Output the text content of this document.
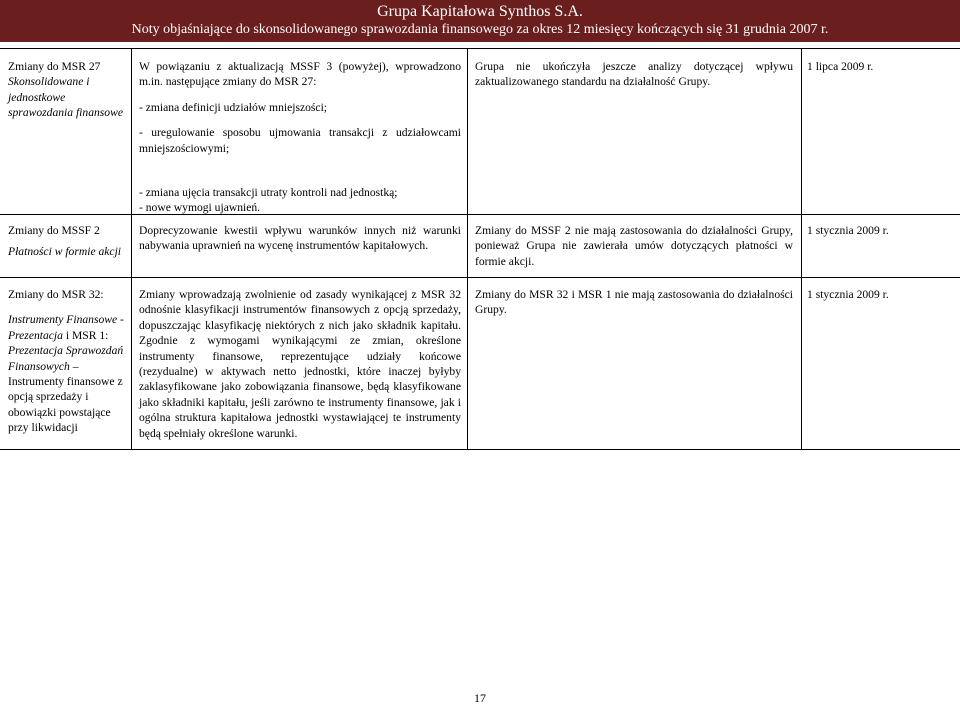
Grupa Kapitałowa Synthos S.A.
Noty objaśniające do skonsolidowanego sprawozdania finansowego za okres 12 miesięcy kończących się 31 grudnia 2007 r.

Zmiany do MSR 27

Skonsolidowane i jednostkowe sprawozdania finansowe

W powiązaniu z aktualizacją MSSF 3 (powyżej), wprowadzono m.in. następujące zmiany do MSR 27:

- zmiana definicji udziałów mniejszości;

- uregulowanie sposobu ujmowania transakcji z udziałowcami mniejszościowymi;

- zmiana ujęcia transakcji utraty kontroli nad jednostką;

- nowe wymogi ujawnień.

Grupa nie ukończyła jeszcze analizy dotyczącej wpływu zaktualizowanego standardu na działalność Grupy.

1 lipca 2009 r.

Zmiany do MSSF 2

Płatności w formie akcji

Doprecyzowanie kwestii wpływu warunków innych niż warunki nabywania uprawnień na wycenę instrumentów kapitałowych.

Zmiany do MSSF 2 nie mają zastosowania do działalności Grupy, ponieważ Grupa nie zawierała umów dotyczących płatności w formie akcji.

1 stycznia 2009 r.

Zmiany do MSR 32:

Instrumenty Finansowe - Prezentacja i MSR 1: Prezentacja Sprawozdań Finansowych – Instrumenty finansowe z opcją sprzedaży i obowiązki powstające przy likwidacji

Zmiany wprowadzają zwolnienie od zasady wynikającej z MSR 32 odnośnie klasyfikacji instrumentów finansowych z opcją sprzedaży, dopuszczając klasyfikację niektórych z nich jako składnik kapitału. Zgodnie z wymogami wynikającymi ze zmian, określone instrumenty finansowe, reprezentujące udziały końcowe (rezydualne) w aktywach netto jednostki, które inaczej byłyby zaklasyfikowane jako zobowiązania finansowe, będą klasyfikowane jako składniki kapitału, jeśli zarówno te instrumenty finansowe, jak i ogólna struktura kapitałowa jednostki wystawiającej te instrumenty będą spełniały określone warunki.

Zmiany do MSR 32 i MSR 1 nie mają zastosowania do działalności Grupy.

1 stycznia 2009 r.

17
